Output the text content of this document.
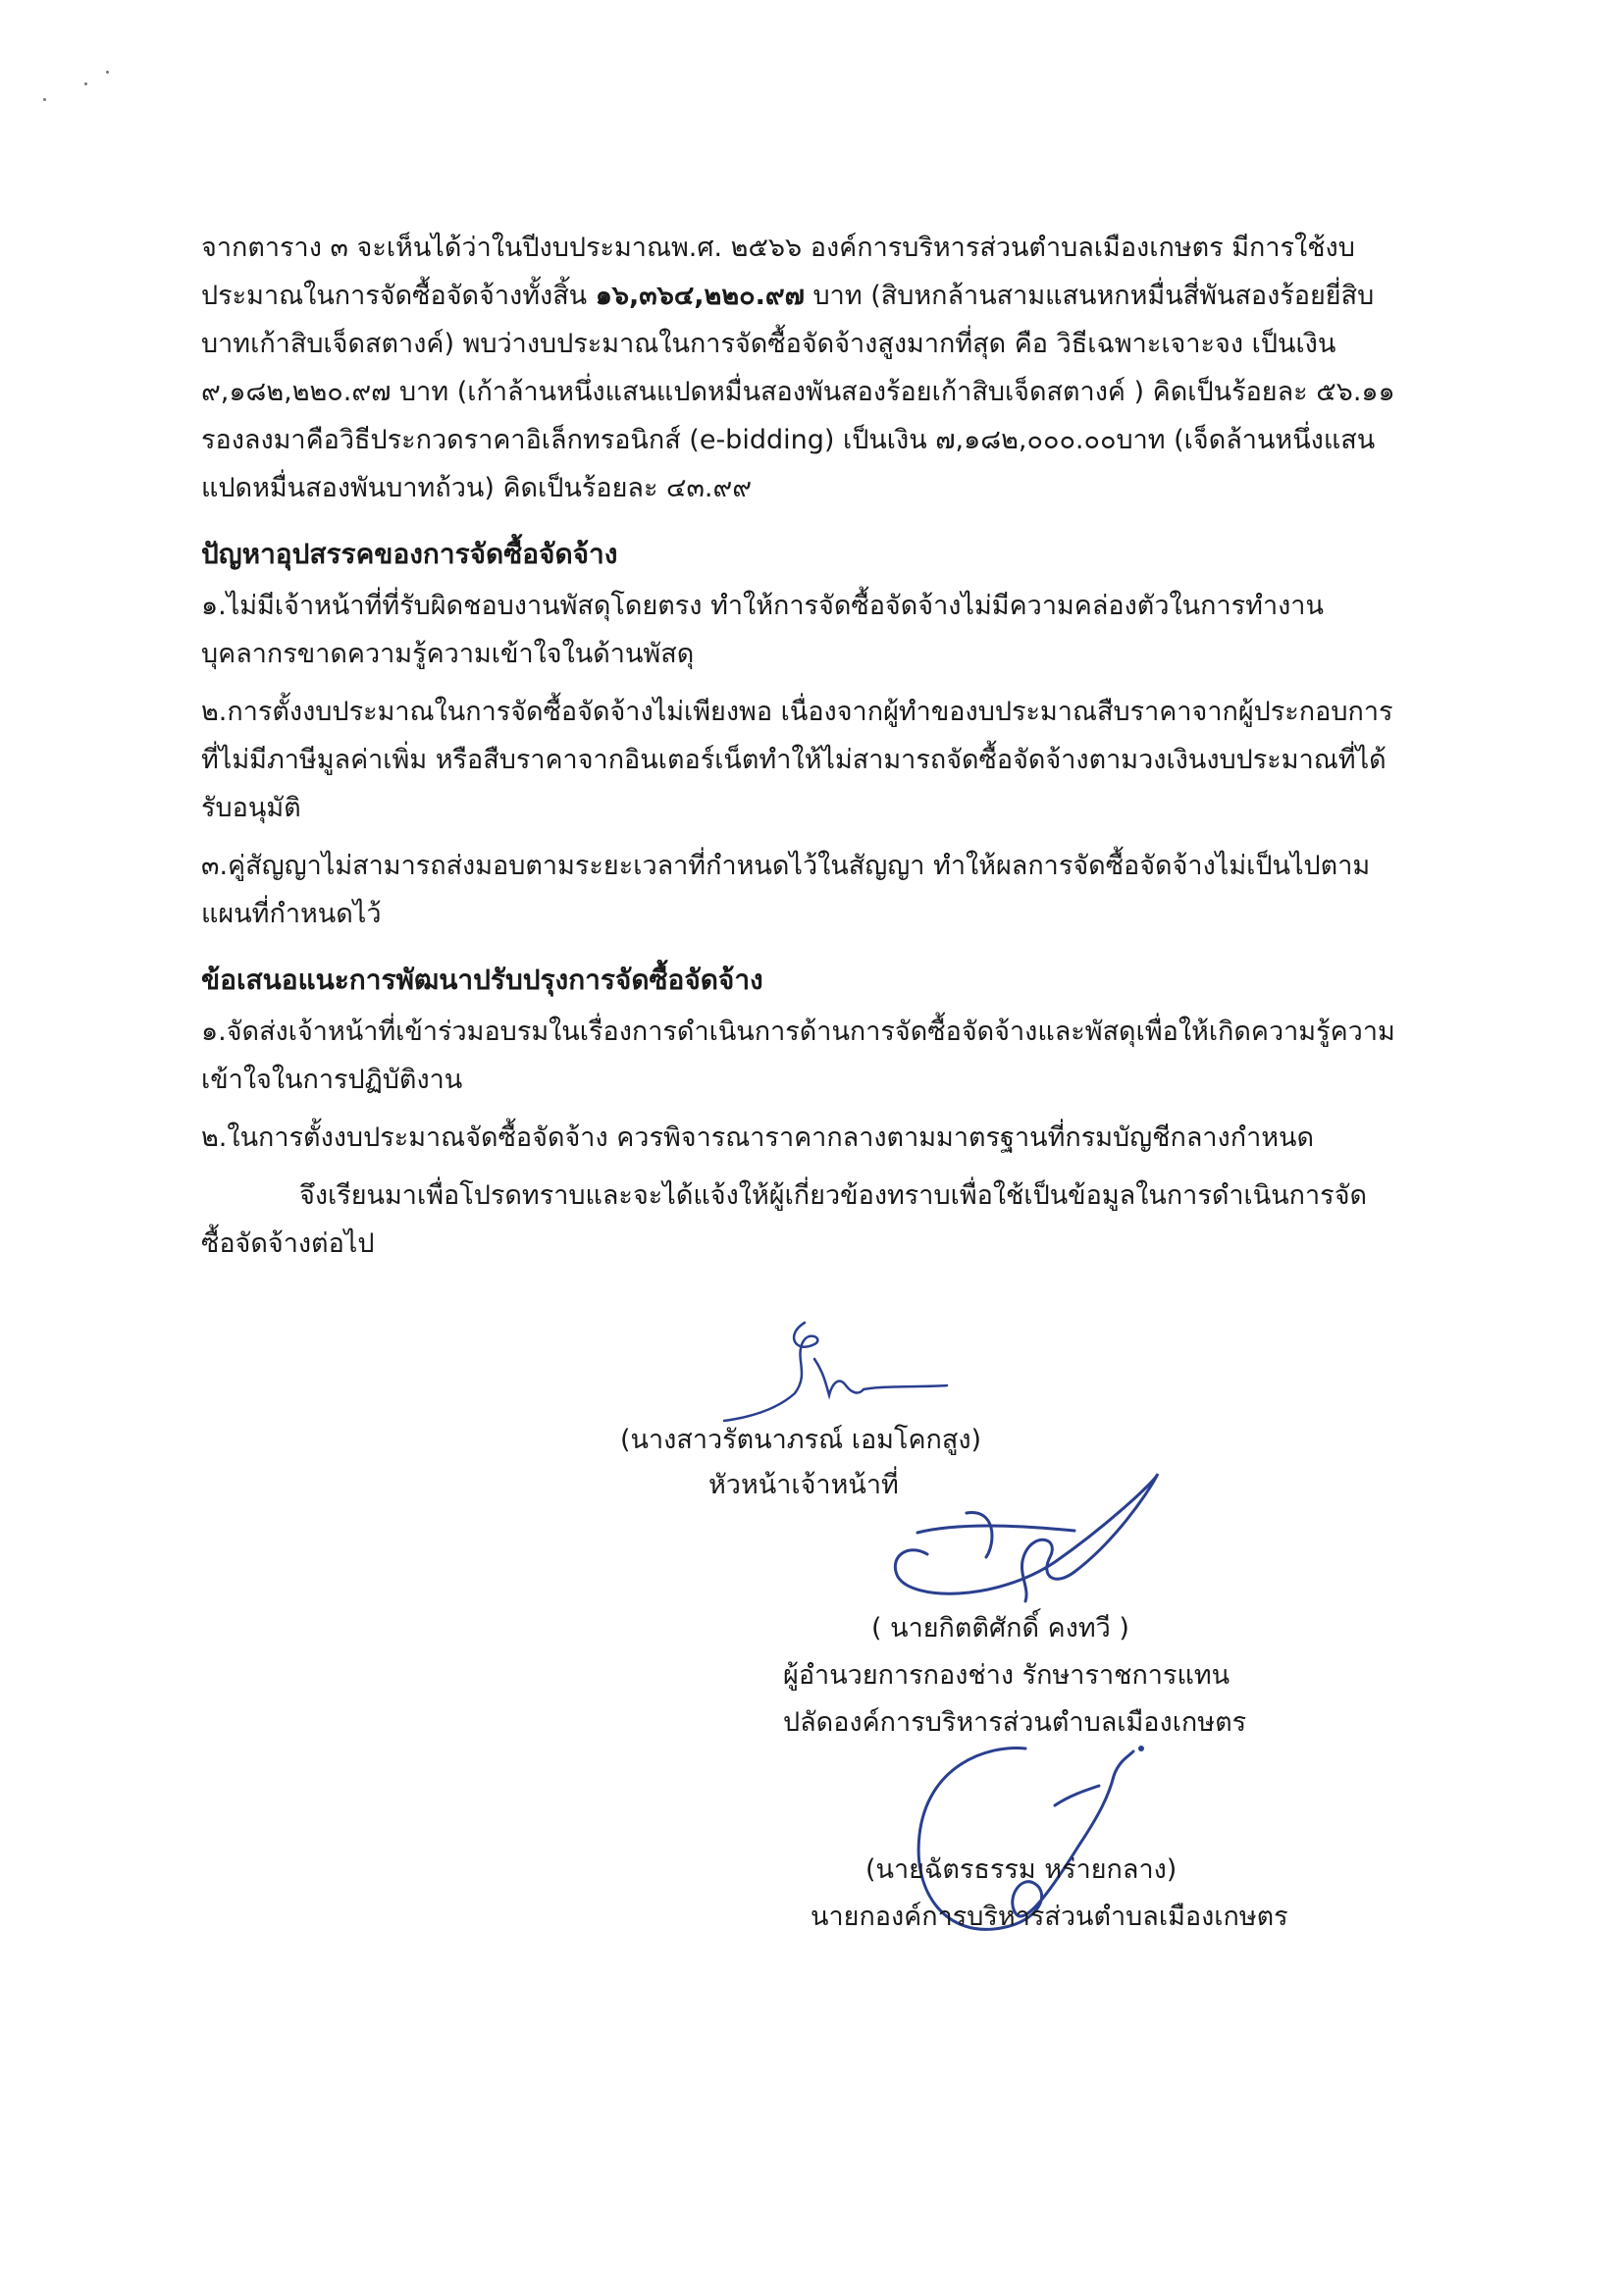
จากตาราง ๓ จะเห็นได้ว่าในปีงบประมาณพ.ศ. ๒๕๖๖ องค์การบริหารส่วนตำบลเมืองเกษตร มีการใช้งบประมาณในการจัดซื้อจัดจ้างทั้งสิ้น ๑๖,๓๖๔,๒๒๐.๙๗ บาท (สิบหกล้านสามแสนหกหมื่นสี่พันสองร้อยยี่สิบบาทเก้าสิบเจ็ดสตางค์) พบว่างบประมาณในการจัดซื้อจัดจ้างสูงมากที่สุด คือ วิธีเฉพาะเจาะจง เป็นเงิน ๙,๑๘๒,๒๒๐.๙๗ บาท (เก้าล้านหนึ่งแสนแปดหมื่นสองพันสองร้อยเก้าสิบเจ็ดสตางค์ ) คิดเป็นร้อยละ ๕๖.๑๑ รองลงมาคือวิธีประกวดราคาอิเล็กทรอนิกส์ (e-bidding) เป็นเงิน ๗,๑๘๒,๐๐๐.๐๐บาท (เจ็ดล้านหนึ่งแสนแปดหมื่นสองพันบาทถ้วน) คิดเป็นร้อยละ ๔๓.๙๙

ปัญหาอุปสรรคของการจัดซื้อจัดจ้าง

๑.ไม่มีเจ้าหน้าที่ที่รับผิดชอบงานพัสดุโดยตรง ทำให้การจัดซื้อจัดจ้างไม่มีความคล่องตัวในการทำงาน บุคลากรขาดความรู้ความเข้าใจในด้านพัสดุ

๒.การตั้งงบประมาณในการจัดซื้อจัดจ้างไม่เพียงพอ เนื่องจากผู้ทำของบประมาณสืบราคาจากผู้ประกอบการที่ไม่มีภาษีมูลค่าเพิ่ม หรือสืบราคาจากอินเตอร์เน็ตทำให้ไม่สามารถจัดซื้อจัดจ้างตามวงเงินงบประมาณที่ได้รับอนุมัติ

๓.คู่สัญญาไม่สามารถส่งมอบตามระยะเวลาที่กำหนดไว้ในสัญญา ทำให้ผลการจัดซื้อจัดจ้างไม่เป็นไปตามแผนที่กำหนดไว้

ข้อเสนอแนะการพัฒนาปรับปรุงการจัดซื้อจัดจ้าง

๑.จัดส่งเจ้าหน้าที่เข้าร่วมอบรมในเรื่องการดำเนินการด้านการจัดซื้อจัดจ้างและพัสดุเพื่อให้เกิดความรู้ความเข้าใจในการปฏิบัติงาน

๒.ในการตั้งงบประมาณจัดซื้อจัดจ้าง ควรพิจารณาราคากลางตามมาตรฐานที่กรมบัญชีกลางกำหนด

จึงเรียนมาเพื่อโปรดทราบและจะได้แจ้งให้ผู้เกี่ยวข้องทราบเพื่อใช้เป็นข้อมูลในการดำเนินการจัดซื้อจัดจ้างต่อไป

(นางสาวรัตนาภรณ์ เอมโคกสูง)
หัวหน้าเจ้าหน้าที่
( นายกิตติศักดิ์ คงทวี )
ผู้อำนวยการกองช่าง รักษาราชการแทน
ปลัดองค์การบริหารส่วนตำบลเมืองเกษตร
(นายฉัตรธรรม หร่ายกลาง)
นายกองค์การบริหารส่วนตำบลเมืองเกษตร
